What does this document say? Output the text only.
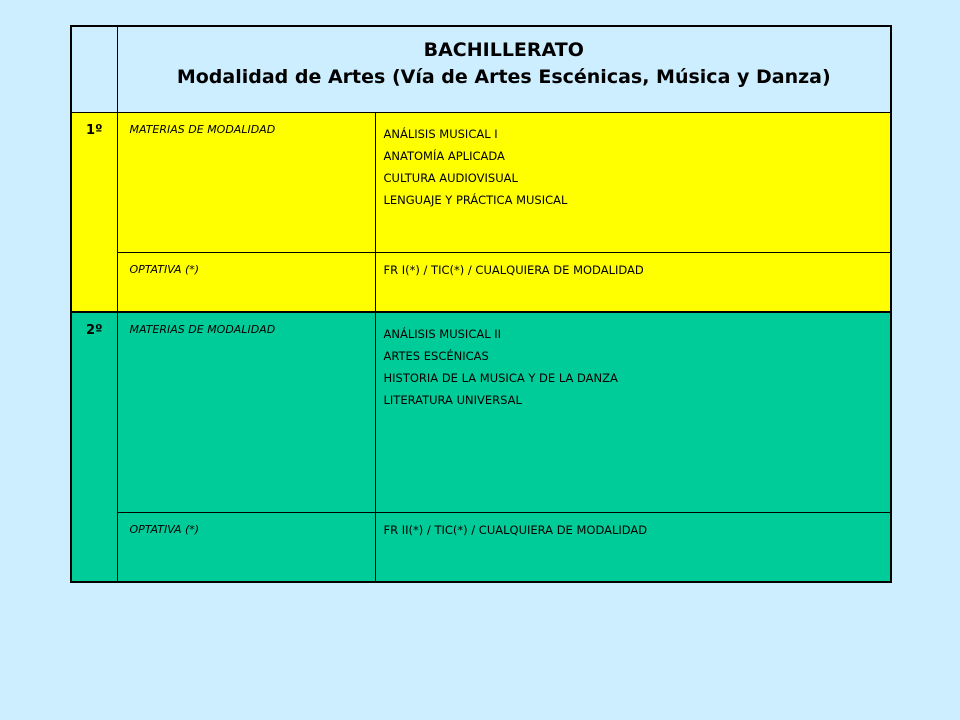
	BACHILLERATO
Modalidad de Artes (Vía de Artes Escénicas, Música y Danza)	

1º	MATERIAS DE MODALIDAD	ANÁLISIS MUSICAL I
ANATOMÍA APLICADA
CULTURA AUDIOVISUAL
LENGUAJE Y PRÁCTICA MUSICAL

	OPTATIVA (*)	FR I(*) / TIC(*) / CUALQUIERA DE MODALIDAD
2º	MATERIAS DE MODALIDAD	ANÁLISIS MUSICAL II
ARTES ESCÉNICAS
HISTORIA DE LA MUSICA Y DE LA DANZA
LITERATURA UNIVERSAL

	OPTATIVA (*)	FR II(*) / TIC(*) / CUALQUIERA DE MODALIDAD
